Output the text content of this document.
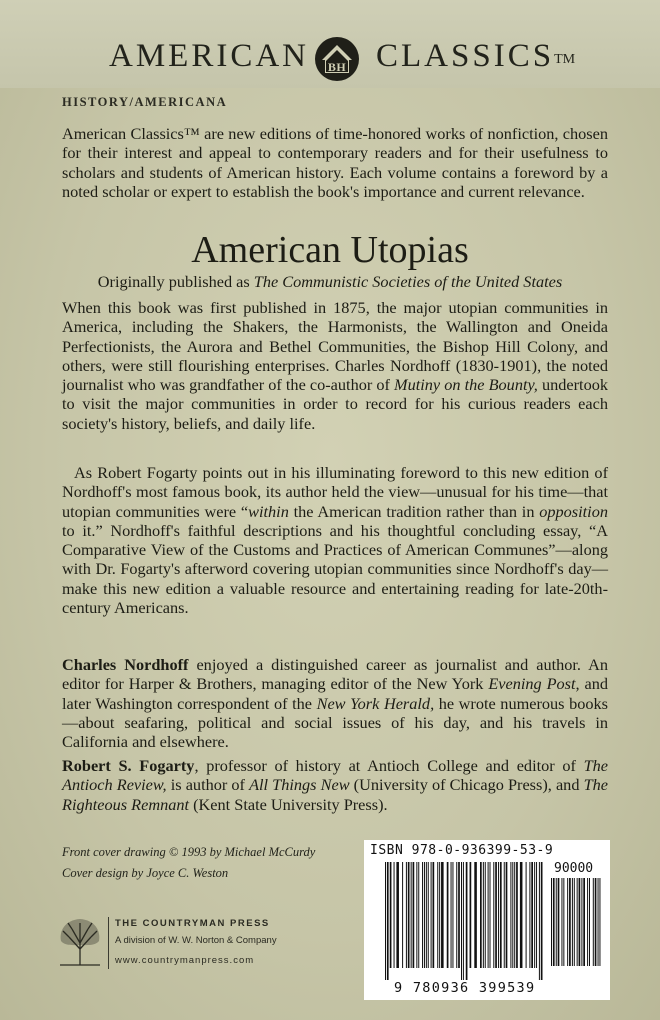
AMERICAN	BH CLASSICS™
HISTORY/AMERICANA

American Classics™ are new editions of time-honored works of nonfiction, chosen for their interest and appeal to contemporary readers and for their usefulness to scholars and students of American history. Each volume contains a foreword by a noted scholar or expert to establish the book's importance and current relevance.

American Utopias
Originally published as The Communistic Societies of the United States

When this book was first published in 1875, the major utopian communities in America, including the Shakers, the Harmonists, the Wallington and Oneida Perfectionists, the Aurora and Bethel Communities, the Bishop Hill Colony, and others, were still flourishing enterprises. Charles Nordhoff (1830-1901), the noted journalist who was grandfather of the co-author of Mutiny on the Bounty, undertook to visit the major communities in order to record for his curious readers each society's history, beliefs, and daily life.

As Robert Fogarty points out in his illuminating foreword to this new edition of Nordhoff's most famous book, its author held the view—unusual for his time—that utopian communities were “within the American tradition rather than in opposition to it.” Nordhoff's faithful descriptions and his thoughtful concluding essay, “A Comparative View of the Customs and Practices of American Communes”—along with Dr. Fogarty's afterword covering utopian communities since Nordhoff's day—make this new edition a valuable resource and entertaining reading for late-20th-century Americans.

Charles Nordhoff enjoyed a distinguished career as journalist and author. An editor for Harper & Brothers, managing editor of the New York Evening Post, and later Washington correspondent of the New York Herald, he wrote numerous books—about seafaring, political and social issues of his day, and his travels in California and elsewhere.

Robert S. Fogarty, professor of history at Antioch College and editor of The Antioch Review, is author of All Things New (University of Chicago Press), and The Righteous Remnant (Kent State University Press).

Front cover drawing © 1993 by Michael McCurdy
Cover design by Joyce C. Weston
THE COUNTRYMAN PRESS
A division of W. W. Norton & Company
www.countrymanpress.com
ISBN 978-0-936399-53-9
90000
9 780936 399539
